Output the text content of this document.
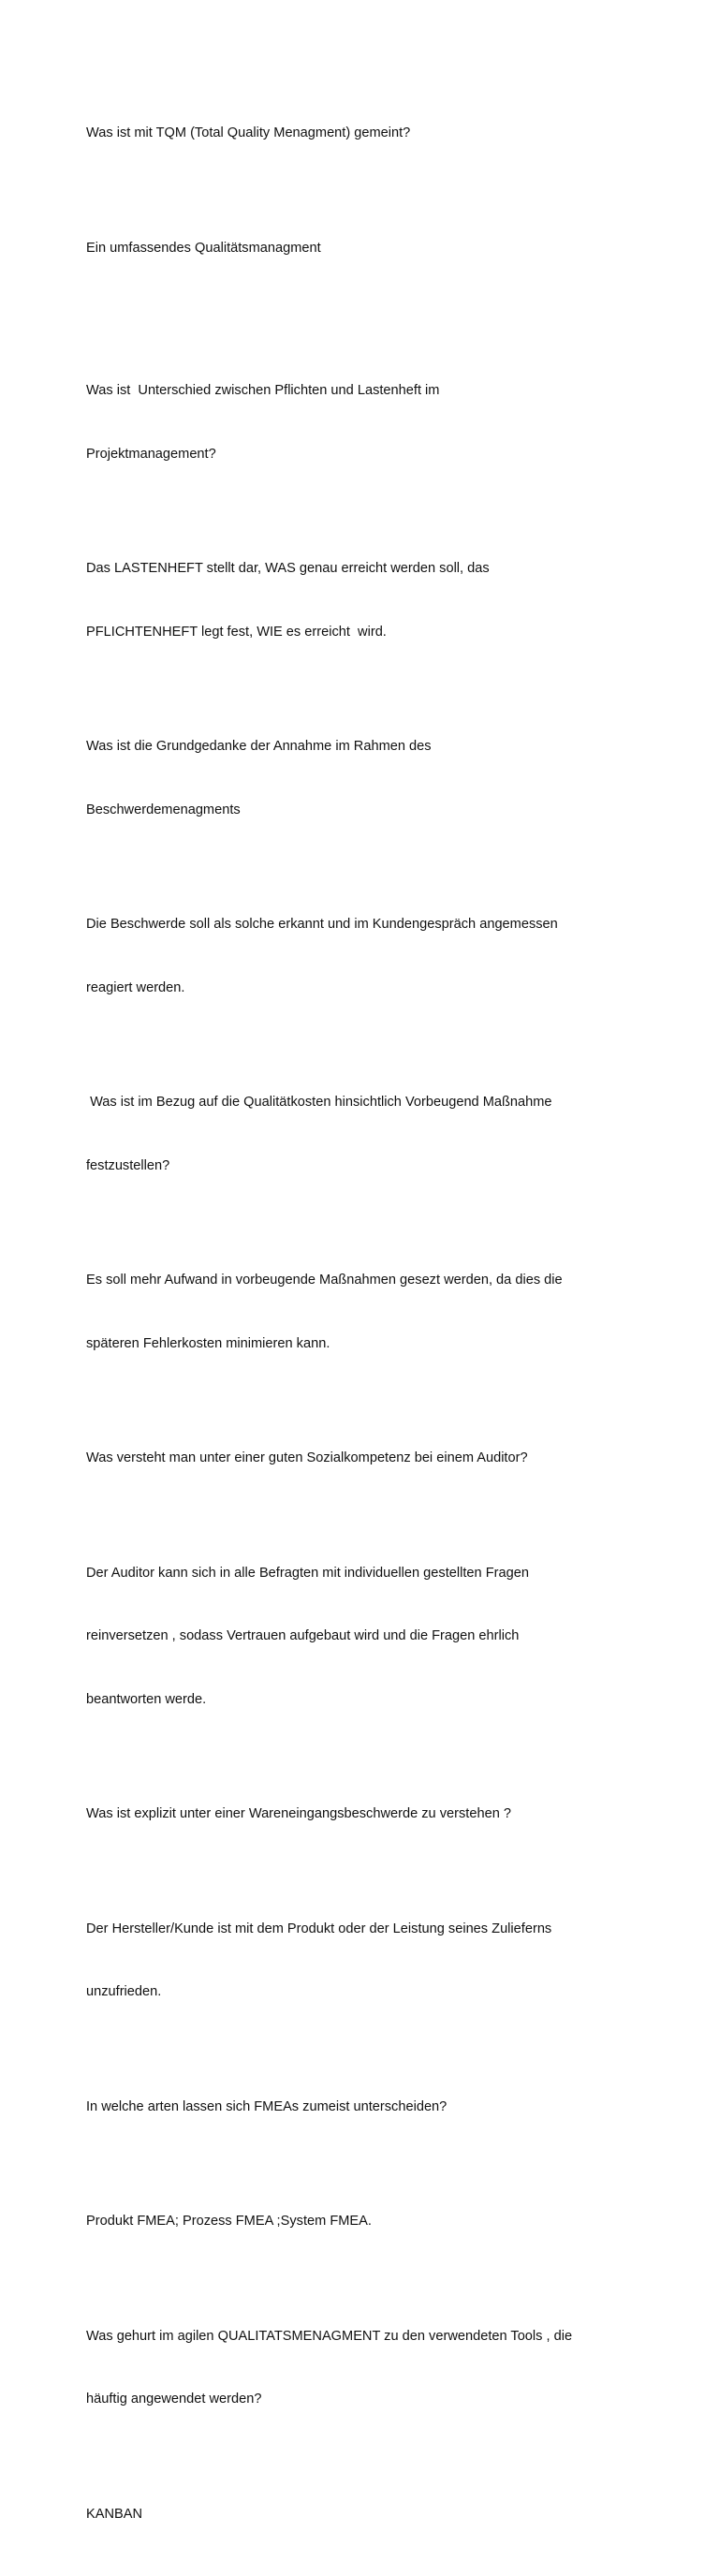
Was ist mit TQM (Total Quality Menagment) gemeint?

Ein umfassendes Qualitätsmanagment

Was ist  Unterschied zwischen Pflichten und Lastenheft im

Projektmanagement?

Das LASTENHEFT stellt dar, WAS genau erreicht werden soll, das

PFLICHTENHEFT legt fest, WIE es erreicht  wird.

Was ist die Grundgedanke der Annahme im Rahmen des

Beschwerdemenagments

Die Beschwerde soll als solche erkannt und im Kundengespräch angemessen

reagiert werden.

Was ist im Bezug auf die Qualitätkosten hinsichtlich Vorbeugend Maßnahme

festzustellen?

Es soll mehr Aufwand in vorbeugende Maßnahmen gesezt werden, da dies die

späteren Fehlerkosten minimieren kann.

Was versteht man unter einer guten Sozialkompetenz bei einem Auditor?

Der Auditor kann sich in alle Befragten mit individuellen gestellten Fragen

reinversetzen , sodass Vertrauen aufgebaut wird und die Fragen ehrlich

beantworten werde.

Was ist explizit unter einer Wareneingangsbeschwerde zu verstehen ?

Der Hersteller/Kunde ist mit dem Produkt oder der Leistung seines Zulieferns

unzufrieden.

In welche arten lassen sich FMEAs zumeist unterscheiden?

Produkt FMEA; Prozess FMEA ;System FMEA.

Was gehurt im agilen QUALITATSMENAGMENT zu den verwendeten Tools , die

häuftig angewendet werden?

KANBAN
